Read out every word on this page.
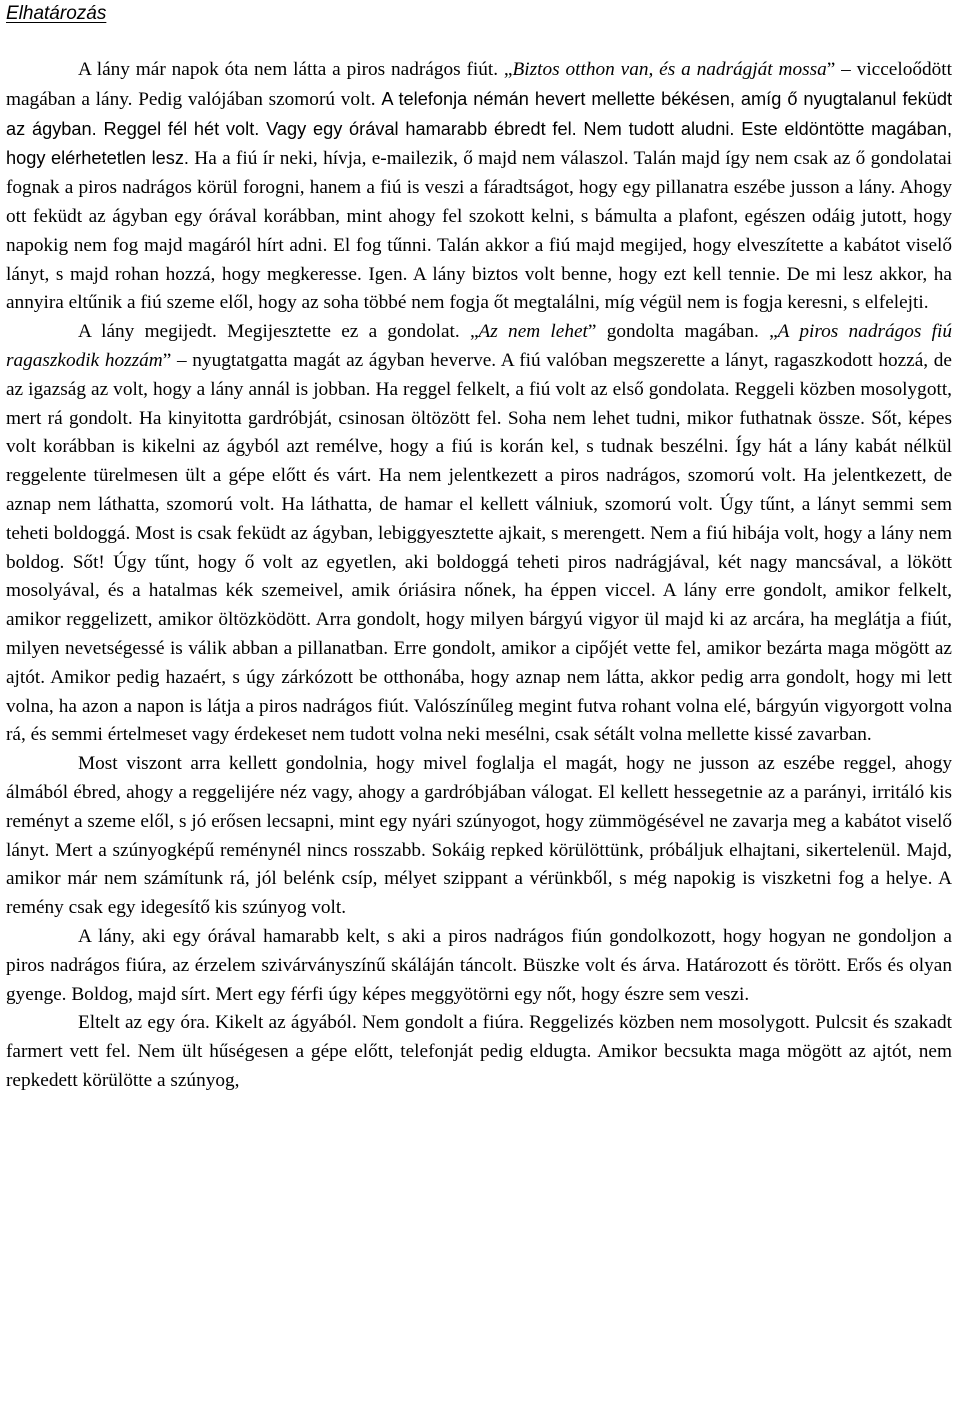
Elhatározás

A lány már napok óta nem látta a piros nadrágos fiút. „Biztos otthon van, és a nadrágját mossa” – vicceloődött magában a lány. Pedig valójában szomorú volt. A telefonja némán hevert mellette békésen, amíg ő nyugtalanul feküdt az ágyban. Reggel fél hét volt. Vagy egy órával hamarabb ébredt fel. Nem tudott aludni. Este eldöntötte magában, hogy elérhetetlen lesz. Ha a fiú ír neki, hívja, e-mailezik, ő majd nem válaszol. Talán majd így nem csak az ő gondolatai fognak a piros nadrágos körül forogni, hanem a fiú is veszi a fáradtságot, hogy egy pillanatra eszébe jusson a lány. Ahogy ott feküdt az ágyban egy órával korábban, mint ahogy fel szokott kelni, s bámulta a plafont, egészen odáig jutott, hogy napokig nem fog majd magáról hírt adni. El fog tűnni. Talán akkor a fiú majd megijed, hogy elveszítette a kabátot viselő lányt, s majd rohan hozzá, hogy megkeresse. Igen. A lány biztos volt benne, hogy ezt kell tennie. De mi lesz akkor, ha annyira eltűnik a fiú szeme elől, hogy az soha többé nem fogja őt megtalálni, míg végül nem is fogja keresni, s elfelejti.

A lány megijedt. Megijesztette ez a gondolat. „Az nem lehet” gondolta magában. „A piros nadrágos fiú ragaszkodik hozzám” – nyugtatgatta magát az ágyban heverve. A fiú valóban megszerette a lányt, ragaszkodott hozzá, de az igazság az volt, hogy a lány annál is jobban. Ha reggel felkelt, a fiú volt az első gondolata. Reggeli közben mosolygott, mert rá gondolt. Ha kinyitotta gardróbját, csinosan öltözött fel. Soha nem lehet tudni, mikor futhatnak össze. Sőt, képes volt korábban is kikelni az ágyból azt remélve, hogy a fiú is korán kel, s tudnak beszélni. Így hát a lány kabát nélkül reggelente türelmesen ült a gépe előtt és várt. Ha nem jelentkezett a piros nadrágos, szomorú volt. Ha jelentkezett, de aznap nem láthatta, szomorú volt. Ha láthatta, de hamar el kellett válniuk, szomorú volt. Úgy tűnt, a lányt semmi sem teheti boldoggá. Most is csak feküdt az ágyban, lebiggyesztette ajkait, s merengett. Nem a fiú hibája volt, hogy a lány nem boldog. Sőt! Úgy tűnt, hogy ő volt az egyetlen, aki boldoggá teheti piros nadrágjával, két nagy mancsával, a lökött mosolyával, és a hatalmas kék szemeivel, amik óriásira nőnek, ha éppen viccel. A lány erre gondolt, amikor felkelt, amikor reggelizett, amikor öltözködött. Arra gondolt, hogy milyen bárgyú vigyor ül majd ki az arcára, ha meglátja a fiút, milyen nevetségessé is válik abban a pillanatban. Erre gondolt, amikor a cipőjét vette fel, amikor bezárta maga mögött az ajtót. Amikor pedig hazaért, s úgy zárkózott be otthonába, hogy aznap nem látta, akkor pedig arra gondolt, hogy mi lett volna, ha azon a napon is látja a piros nadrágos fiút. Valószínűleg megint futva rohant volna elé, bárgyún vigyorgott volna rá, és semmi értelmeset vagy érdekeset nem tudott volna neki mesélni, csak sétált volna mellette kissé zavarban.

Most viszont arra kellett gondolnia, hogy mivel foglalja el magát, hogy ne jusson az eszébe reggel, ahogy álmából ébred, ahogy a reggelijére néz vagy, ahogy a gardróbjában válogat. El kellett hessegetnie az a parányi, irritáló kis reményt a szeme elől, s jó erősen lecsapni, mint egy nyári szúnyogot, hogy zümmögésével ne zavarja meg a kabátot viselő lányt. Mert a szúnyogképű reménynél nincs rosszabb. Sokáig repked körülöttünk, próbáljuk elhajtani, sikertelenül. Majd, amikor már nem számítunk rá, jól belénk csíp, mélyet szippant a vérünkből, s még napokig is viszketni fog a helye. A remény csak egy idegesítő kis szúnyog volt.

A lány, aki egy órával hamarabb kelt, s aki a piros nadrágos fiún gondolkozott, hogy hogyan ne gondoljon a piros nadrágos fiúra, az érzelem szivárványszínű skáláján táncolt. Büszke volt és árva. Határozott és törött. Erős és olyan gyenge. Boldog, majd sírt. Mert egy férfi úgy képes meggyötörni egy nőt, hogy észre sem veszi.

Eltelt az egy óra. Kikelt az ágyából. Nem gondolt a fiúra. Reggelizés közben nem mosolygott. Pulcsit és szakadt farmert vett fel. Nem ült hűségesen a gépe előtt, telefonját pedig eldugta. Amikor becsukta maga mögött az ajtót, nem repkedett körülötte a szúnyog,
